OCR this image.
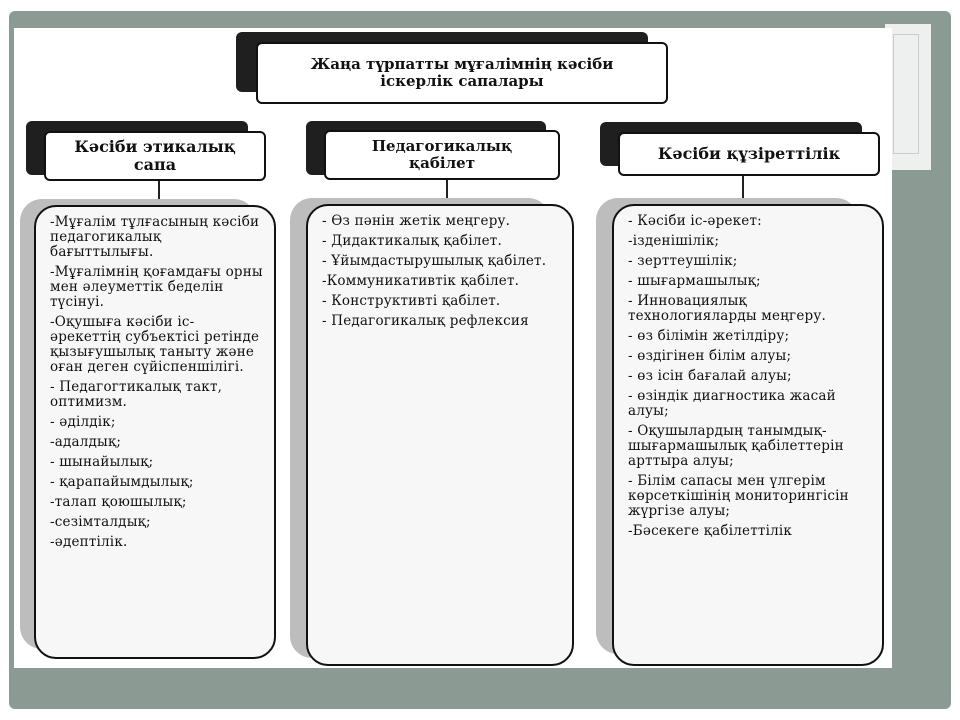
Жаңа түрпатты мұғалімнің кәсіби іскерлік сапалары
Кәсіби этикалық сапа
Педагогикалық қабілет
Кәсіби құзіреттілік
-Мұғалім тұлғасының кәсіби педагогикалық бағыттылығы.
-Мұғалімнің қоғамдағы орны мен әлеуметтік беделін түсінуі.
-Оқушыға кәсіби іс-әрекеттің субъектісі ретінде қызығушылық таныту және оған деген сүйіспеншілігі.
- Педагогтикалық такт, оптимизм.
- әділдік;
-адалдық;
- шынайылық;
- қарапайымдылық;
-талап қоюшылық;
-сезімталдық;
-әдептілік.
- Өз пәнін жетік меңгеру.
- Дидактикалық қабілет.
- Ұйымдастырушылық қабілет.
-Коммуникативтік қабілет.
- Конструктивті қабілет.
- Педагогикалық рефлексия
- Кәсіби іс-әрекет:
-ізденішілік;
- зерттеушілік;
- шығармашылық;
- Инновациялық технологияларды меңгеру.
- өз білімін жетілдіру;
- өздігінен білім алуы;
- өз ісін бағалай алуы;
- өзіндік диагностика жасай алуы;
- Оқушылардың танымдық-шығармашылық қабілеттерін арттыра алуы;
- Білім сапасы мен үлгерім көрсеткішінің мониторингісін жүргізе алуы;
-Бәсекеге қабілеттілік
